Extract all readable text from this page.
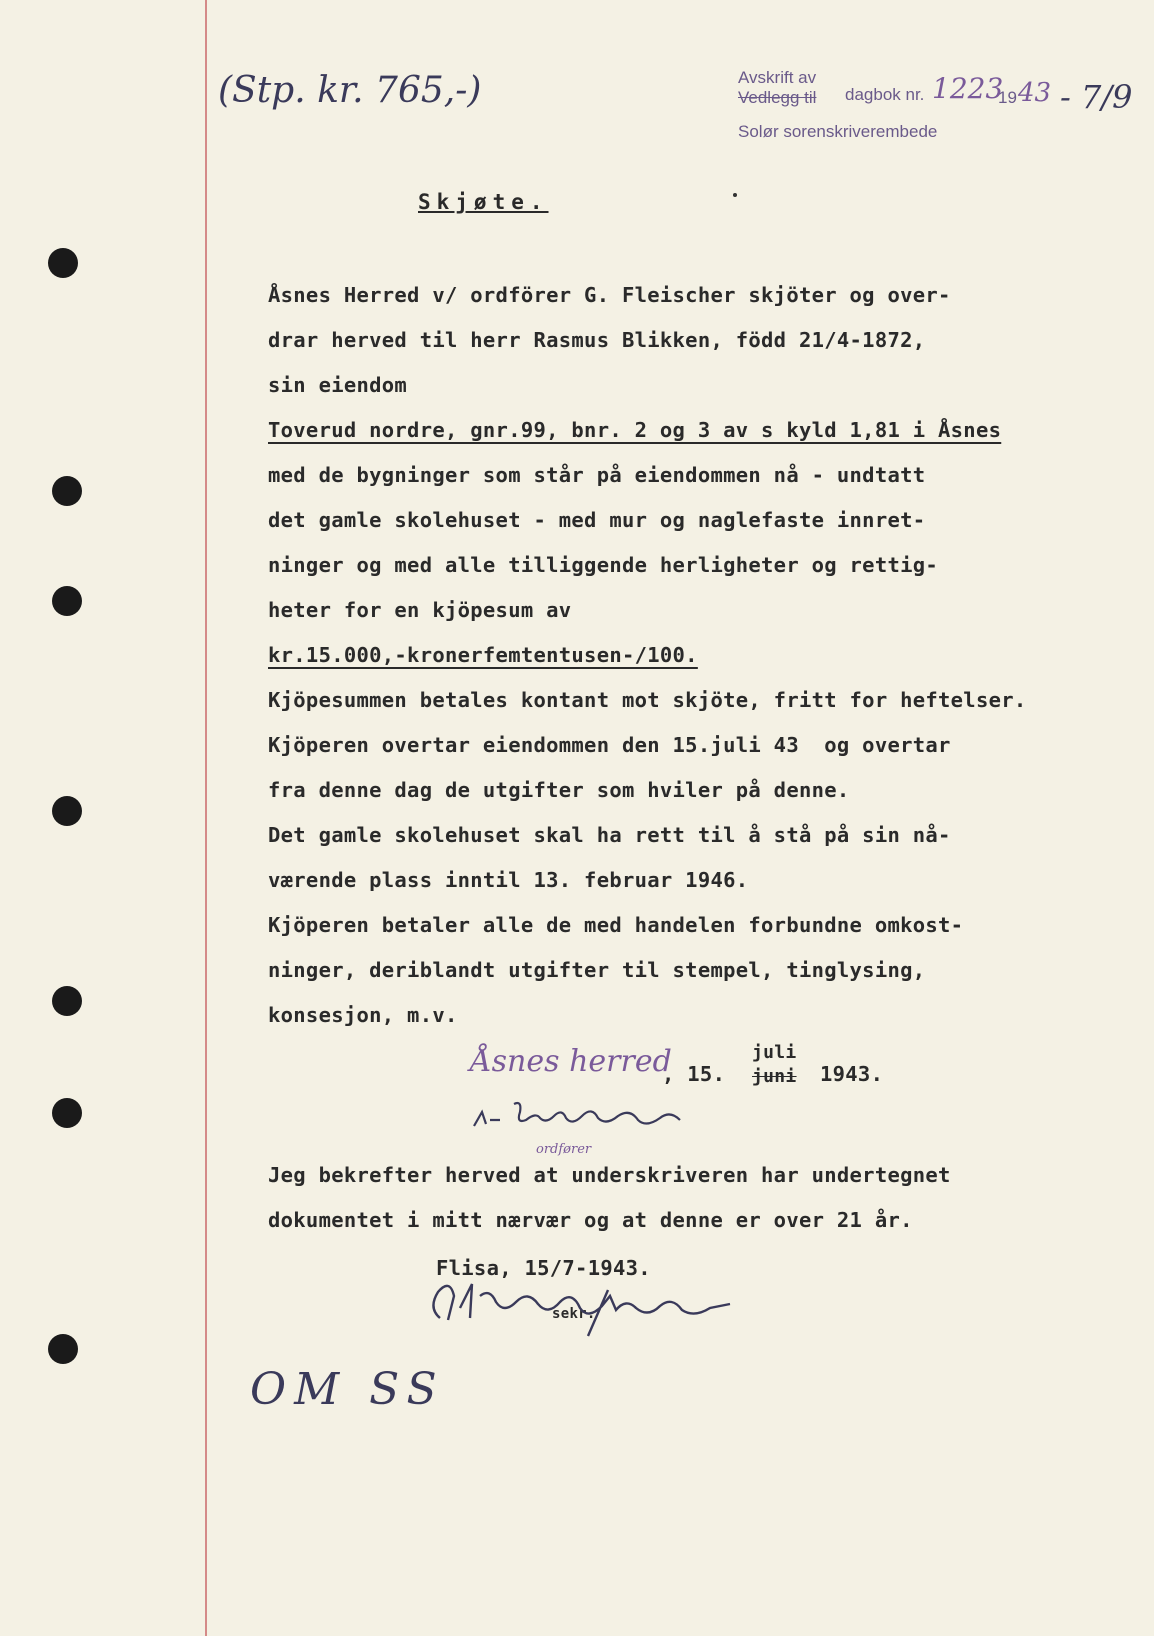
(Stp. kr. 765,-)	Avskrift av
Vedlegg til dagbok nr. 1223
19 43 - 7/9
Solør sorenskriverembede
Skjøte.
Åsnes Herred v/ ordförer G. Fleischer skjöter og over-
drar herved til herr Rasmus Blikken, född 21/4-1872,
sin eiendom
Toverud nordre, gnr.99, bnr. 2 og 3 av s kyld 1,81 i Åsnes
med de bygninger som står på eiendommen nå - undtatt
det gamle skolehuset - med mur og naglefaste innret-
ninger og med alle tilliggende herligheter og rettig-
heter for en kjöpesum av
kr.15.000,-kronerfemtentusen-/100.
Kjöpesummen betales kontant mot skjöte, fritt for heftelser.
Kjöperen overtar eiendommen den 15.juli 43  og overtar
fra denne dag de utgifter som hviler på denne.
Det gamle skolehuset skal ha rett til å stå på sin nå-
værende plass inntil 13. februar 1946.
Kjöperen betaler alle de med handelen forbundne omkost-
ninger, deriblandt utgifter til stempel, tinglysing,
konsesjon, m.v.
Åsnes herred
, 15.
juli
juni 1943.
ordfører
Jeg bekrefter herved at underskriveren har undertegnet
dokumentet i mitt nærvær og at denne er over 21 år.
Flisa, 15/7-1943.
sekr.
OM SS
